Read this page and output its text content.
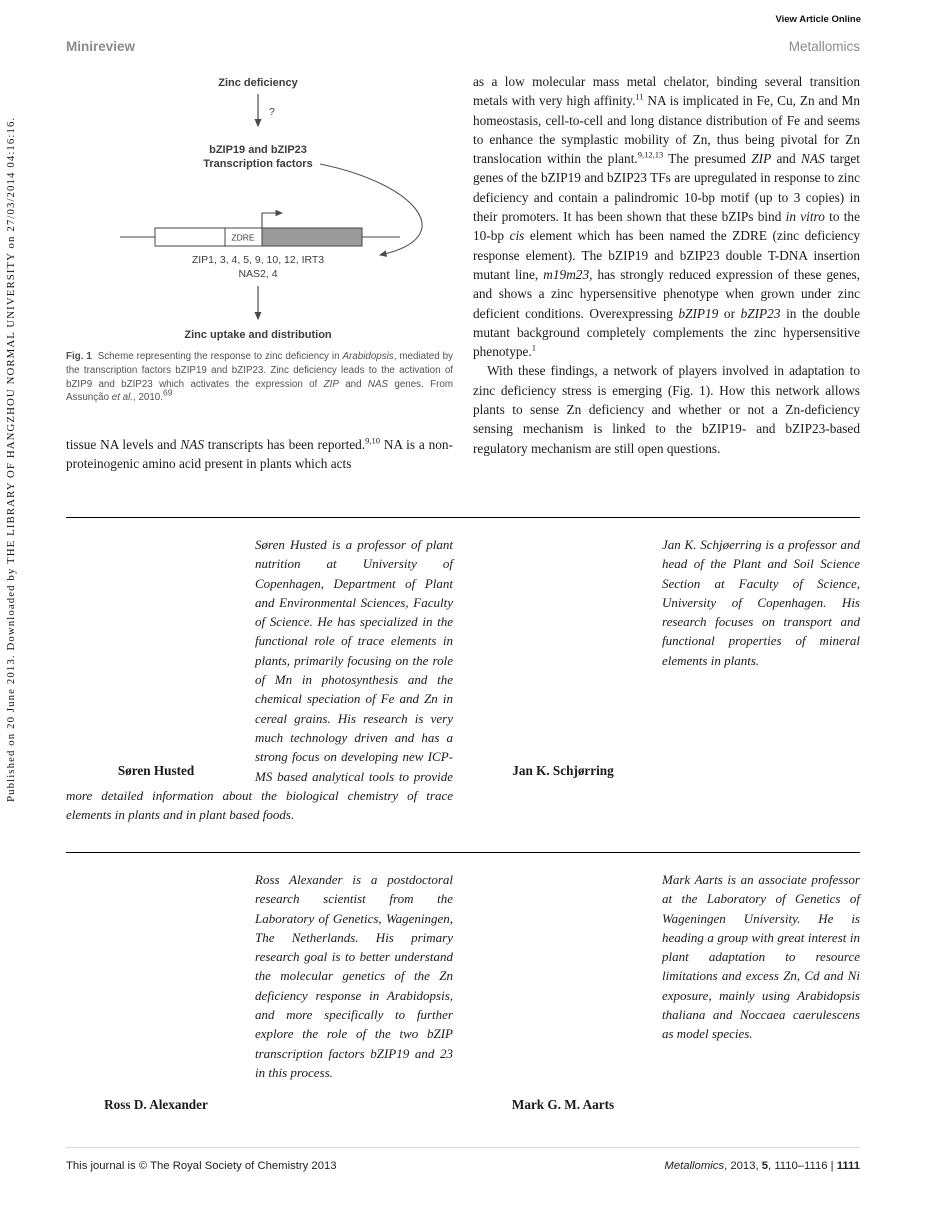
View Article Online
Minireview	Metallomics
Published on 20 June 2013. Downloaded by THE LIBRARY OF HANGZHOU NORMAL UNIVERSITY on 27/03/2014 04:16:16.
Zinc deficiency
?
bZIP19 and bZIP23
Transcription factors
ZDRE
ZIP1, 3, 4, 5, 9, 10, 12, IRT3
NAS2, 4
Zinc uptake and distribution
Fig. 1  Scheme representing the response to zinc deficiency in Arabidopsis, mediated by the transcription factors bZIP19 and bZIP23. Zinc deficiency leads to the activation of bZIP9 and bZIP23 which activates the expression of ZIP and NAS genes. From Assunção et al., 2010.69

tissue NA levels and NAS transcripts has been reported.$^{9,10}$ NA is a non-proteinogenic amino acid present in plants which acts

as a low molecular mass metal chelator, binding several transition metals with very high affinity.$^{11}$ NA is implicated in Fe, Cu, Zn and Mn homeostasis, cell-to-cell and long distance distribution of Fe and seems to enhance the symplastic mobility of Zn, thus being pivotal for Zn translocation within the plant.$^{9,12,13}$ The presumed ZIP and NAS target genes of the bZIP19 and bZIP23 TFs are upregulated in response to zinc deficiency and contain a palindromic 10-bp motif (up to 3 copies) in their promoters. It has been shown that these bZIPs bind in vitro to the 10-bp cis element which has been named the ZDRE (zinc deficiency response element). The bZIP19 and bZIP23 double T-DNA insertion mutant line, m19m23, has strongly reduced expression of these genes, and shows a zinc hypersensitive phenotype when grown under zinc deficient conditions. Overexpressing bZIP19 or bZIP23 in the double mutant background completely complements the zinc hypersensitive phenotype.$^1$

With these findings, a network of players involved in adaptation to zinc deficiency stress is emerging (Fig. 1). How this network allows plants to sense Zn deficiency and whether or not a Zn-deficiency sensing mechanism is linked to the bZIP19- and bZIP23-based regulatory mechanism are still open questions.

Søren Husted
Søren Husted is a professor of plant nutrition at University of Copenhagen, Department of Plant and Environmental Sciences, Faculty of Science. He has specialized in the functional role of trace elements in plants, primarily focusing on the role of Mn in photosynthesis and the chemical speciation of Fe and Zn in cereal grains. His research is very much technology driven and has a strong focus on developing new ICP-MS based analytical tools to provide more detailed information about the biological chemistry of trace elements in plants and in plant based foods.
Jan K. Schjørring
Jan K. Schjøerring is a professor and head of the Plant and Soil Science Section at Faculty of Science, University of Copenhagen. His research focuses on transport and functional properties of mineral elements in plants.
Ross D. Alexander
Ross Alexander is a postdoctoral research scientist from the Laboratory of Genetics, Wageningen, The Netherlands. His primary research goal is to better understand the molecular genetics of the Zn deficiency response in Arabidopsis, and more specifically to further explore the role of the two bZIP transcription factors bZIP19 and 23 in this process.
Mark G. M. Aarts
Mark Aarts is an associate professor at the Laboratory of Genetics of Wageningen University. He is heading a group with great interest in plant adaptation to resource limitations and excess Zn, Cd and Ni exposure, mainly using Arabidopsis thaliana and Noccaea caerulescens as model species.
This journal is © The Royal Society of Chemistry 2013	Metallomics, 2013, 5, 1110–1116 | 1111
